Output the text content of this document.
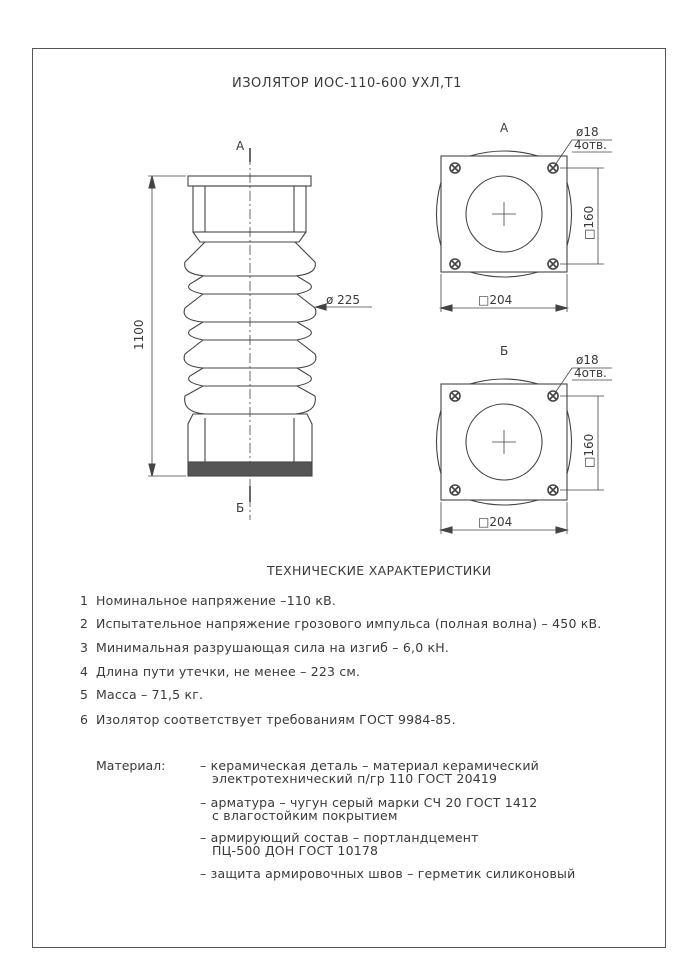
ИЗОЛЯТОР ИОС-110-600 УХЛ,Т1
А
Б
1100
ø 225
А	ø18
4отв.
□160
□204
Б
ø18
4отв.
□160
□204
ТЕХНИЧЕСКИЕ ХАРАКТЕРИСТИКИ
1 Номинальное напряжение –110 кВ.
2 Испытательное напряжение грозового импульса (полная волна) – 450 кВ.
3 Минимальная разрушающая сила на изгиб – 6,0 кН.
4 Длина пути утечки, не менее – 223 см.
5 Масса – 71,5 кг.
6 Изолятор соответствует требованиям ГОСТ 9984-85.
Материал:	– керамическая деталь – материал керамический
электротехнический п/гр 110 ГОСТ 20419
– арматура – чугун серый марки СЧ 20 ГОСТ 1412
с влагостойким покрытием
– армирующий состав – портландцемент
ПЦ-500 ДОН ГОСТ 10178
– защита армировочных швов – герметик силиконовый
